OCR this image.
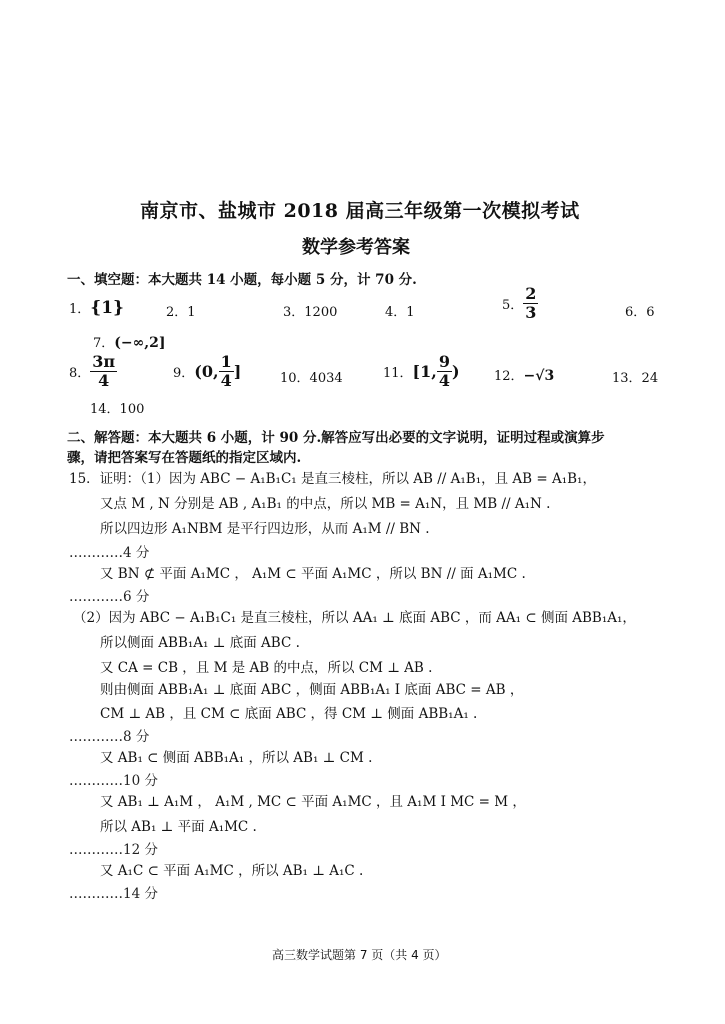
南京市、盐城市 2018 届高三年级第一次模拟考试
数学参考答案
一、填空题：本大题共 14 小题，每小题 5 分，计 70 分.
1．{1}	2．1	3．1200	4．1	5． $\frac{2}{3}$	6．6
7．(−∞,2]
8． $\frac{3\pi}{4}$	9．(0, $\frac{1}{4}$ ]	10．4034	11．[1, $\frac{9}{4}$ )	12．−√3	13．24
14．100
二、解答题：本大题共 6 小题，计 90 分.解答应写出必要的文字说明，证明过程或演算步
骤，请把答案写在答题纸的指定区域内.
15．证明：（1）因为 ABC − A₁B₁C₁ 是直三棱柱，所以 AB // A₁B₁，且 AB = A₁B₁，
又点 M , N 分别是 AB , A₁B₁ 的中点，所以 MB = A₁N，且 MB // A₁N .
所以四边形 A₁NBM 是平行四边形，从而 A₁M // BN .
…………4 分
又 BN ⊄ 平面 A₁MC ， A₁M ⊂ 平面 A₁MC ，所以 BN // 面 A₁MC .
…………6 分
（2）因为 ABC − A₁B₁C₁ 是直三棱柱，所以 AA₁ ⊥ 底面 ABC ，而 AA₁ ⊂ 侧面 ABB₁A₁，
所以侧面 ABB₁A₁ ⊥ 底面 ABC .
又 CA = CB ，且 M 是 AB 的中点，所以 CM ⊥ AB .
则由侧面 ABB₁A₁ ⊥ 底面 ABC ，侧面 ABB₁A₁ I 底面 ABC = AB ，
CM ⊥ AB ，且 CM ⊂ 底面 ABC ，得 CM ⊥ 侧面 ABB₁A₁ .
…………8 分
又 AB₁ ⊂ 侧面 ABB₁A₁ ，所以 AB₁ ⊥ CM .
…………10 分
又 AB₁ ⊥ A₁M ， A₁M , MC ⊂ 平面 A₁MC ，且 A₁M I MC = M ，
所以 AB₁ ⊥ 平面 A₁MC .
…………12 分
又 A₁C ⊂ 平面 A₁MC ，所以 AB₁ ⊥ A₁C .
…………14 分
高三数学试题第 7 页（共 4 页）
